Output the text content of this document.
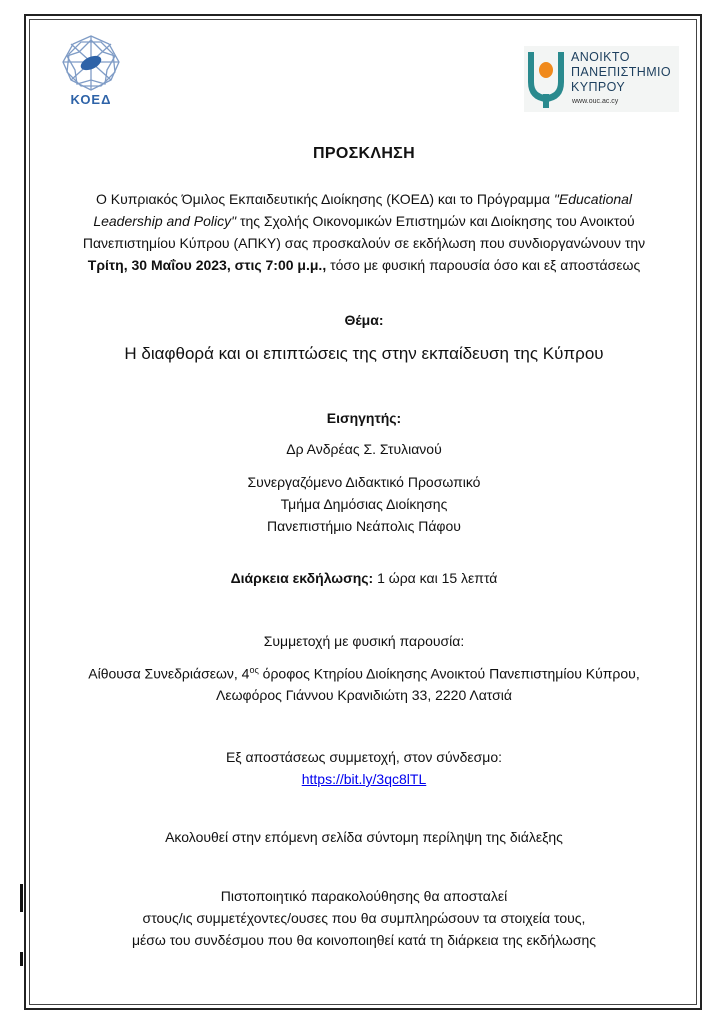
ΚΟΕΔ
ΑΝΟΙΚΤΟ
ΠΑΝΕΠΙΣΤΗΜΙΟ
ΚΥΠΡΟΥ
www.ouc.ac.cy
ΠΡΟΣΚΛΗΣΗ
Ο Κυπριακός Όμιλος Εκπαιδευτικής Διοίκησης (ΚΟΕΔ) και το Πρόγραμμα "Educational
Leadership and Policy" της Σχολής Οικονομικών Επιστημών και Διοίκησης του Ανοικτού
Πανεπιστημίου Κύπρου (ΑΠΚΥ) σας προσκαλούν σε εκδήλωση που συνδιοργανώνουν την
Τρίτη, 30 Μαΐου 2023, στις 7:00 μ.μ., τόσο με φυσική παρουσία όσο και εξ αποστάσεως
Θέμα:
Η διαφθορά και οι επιπτώσεις της στην εκπαίδευση της Κύπρου
Εισηγητής:
Δρ Ανδρέας Σ. Στυλιανού
Συνεργαζόμενο Διδακτικό Προσωπικό
Τμήμα Δημόσιας Διοίκησης
Πανεπιστήμιο Νεάπολις Πάφου
Διάρκεια εκδήλωσης: 1 ώρα και 15 λεπτά
Συμμετοχή με φυσική παρουσία:
Αίθουσα Συνεδριάσεων, $4^{o\varsigma}$ όροφος Κτηρίου Διοίκησης Ανοικτού Πανεπιστημίου Κύπρου,
Λεωφόρος Γιάννου Κρανιδιώτη 33, 2220 Λατσιά
Εξ αποστάσεως συμμετοχή, στον σύνδεσμο:
https://bit.ly/3qc8lTL
Ακολουθεί στην επόμενη σελίδα σύντομη περίληψη της διάλεξης
Πιστοποιητικό παρακολούθησης θα αποσταλεί
στους/ις συμμετέχοντες/ουσες που θα συμπληρώσουν τα στοιχεία τους,
μέσω του συνδέσμου που θα κοινοποιηθεί κατά τη διάρκεια της εκδήλωσης
